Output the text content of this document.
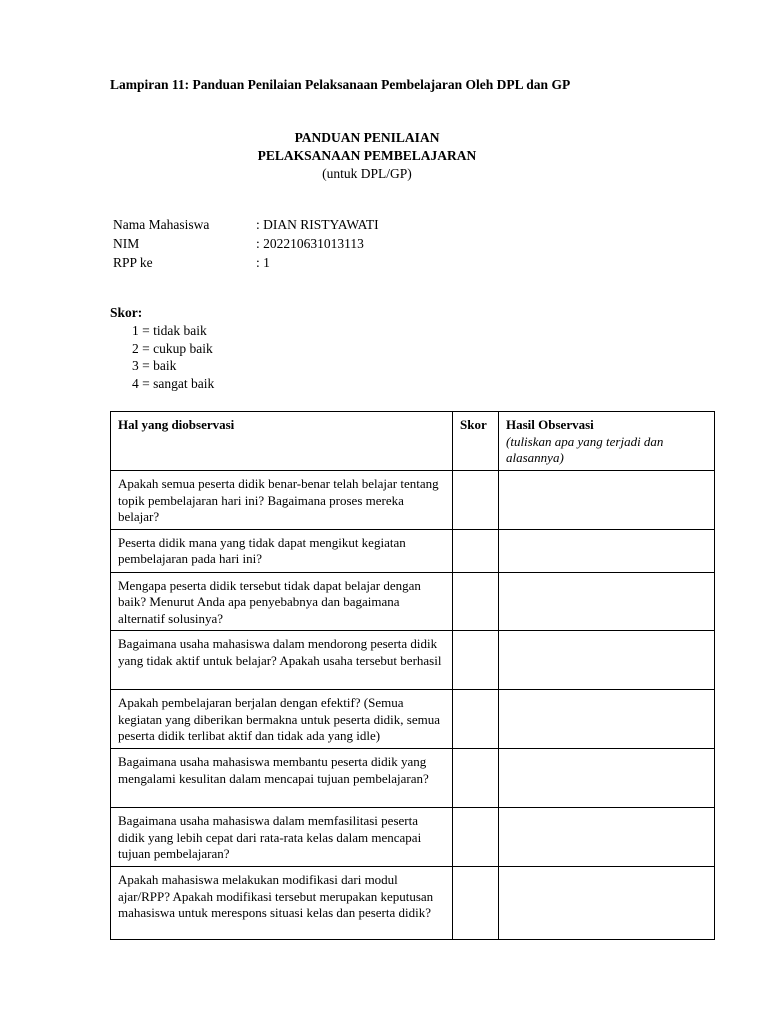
Lampiran 11: Panduan Penilaian Pelaksanaan Pembelajaran Oleh DPL dan GP
PANDUAN PENILAIAN
PELAKSANAAN PEMBELAJARAN
(untuk DPL/GP)
Nama Mahasiswa	: DIAN RISTYAWATI
NIM	: 202210631013113
RPP ke	: 1
Skor:
1 = tidak baik
2 = cukup baik
3 = baik
4 = sangat baik
Hal yang diobservasi	Skor	Hasil Observasi
(tuliskan apa yang terjadi dan alasannya)

Apakah semua peserta didik benar-benar telah belajar tentang topik pembelajaran hari ini? Bagaimana proses mereka belajar?		
Peserta didik mana yang tidak dapat mengikut kegiatan pembelajaran pada hari ini?		
Mengapa peserta didik tersebut tidak dapat belajar dengan baik? Menurut Anda apa penyebabnya dan bagaimana alternatif solusinya?		
Bagaimana usaha mahasiswa dalam mendorong peserta didik yang tidak aktif untuk belajar? Apakah usaha tersebut berhasil		
Apakah pembelajaran berjalan dengan efektif? (Semua kegiatan yang diberikan bermakna untuk peserta didik, semua peserta didik terlibat aktif dan tidak ada yang idle)		
Bagaimana usaha mahasiswa membantu peserta didik yang mengalami kesulitan dalam mencapai tujuan pembelajaran?		
Bagaimana usaha mahasiswa dalam memfasilitasi peserta didik yang lebih cepat dari rata-rata kelas dalam mencapai tujuan pembelajaran?		
Apakah mahasiswa melakukan modifikasi dari modul ajar/RPP? Apakah modifikasi tersebut merupakan keputusan mahasiswa untuk merespons situasi kelas dan peserta didik?		
